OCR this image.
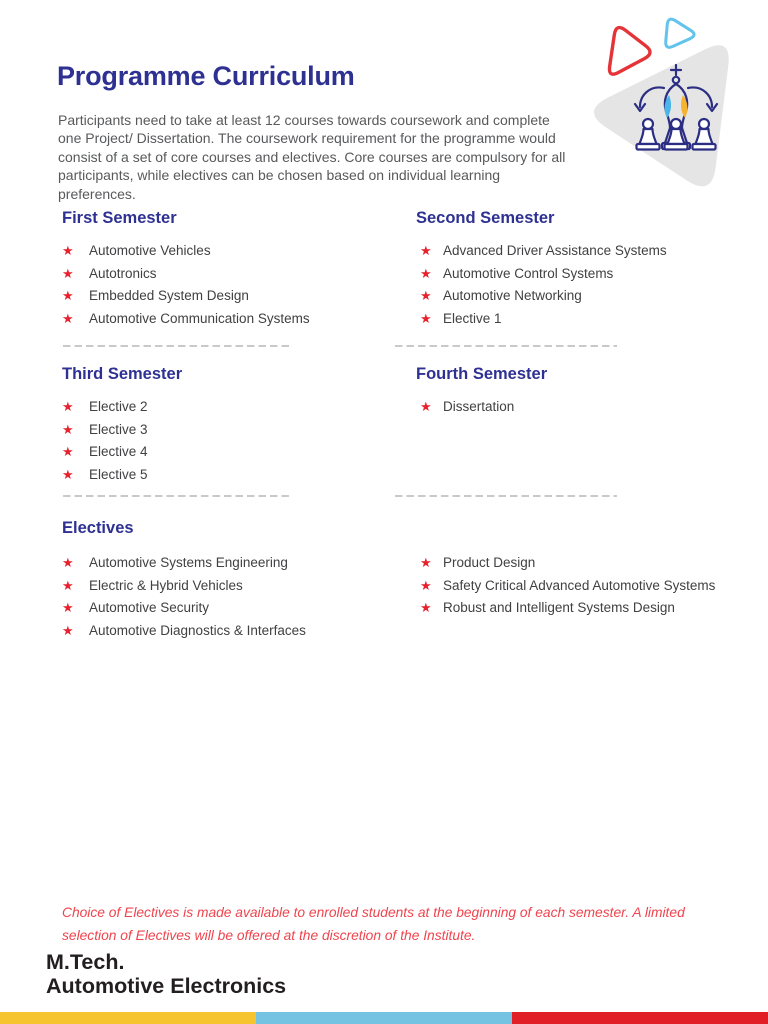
Programme Curriculum

Participants need to take at least 12 courses towards coursework and complete one Project/ Dissertation. The coursework requirement for the programme would consist of a set of core courses and electives. Core courses are compulsory for all participants, while electives can be chosen based on individual learning preferences.

First Semester
★ Automotive Vehicles
★ Autotronics
★ Embedded System Design
★ Automotive Communication Systems
Second Semester
★ Advanced Driver Assistance Systems
★ Automotive Control Systems
★ Automotive Networking
★ Elective 1
Third Semester
★ Elective 2
★ Elective 3
★ Elective 4
★ Elective 5
Fourth Semester
★ Dissertation
Electives
★ Automotive Systems Engineering
★ Electric & Hybrid Vehicles
★ Automotive Security
★ Automotive Diagnostics & Interfaces
★ Product Design
★ Safety Critical Advanced Automotive Systems
★ Robust and Intelligent Systems Design

Choice of Electives is made available to enrolled students at the beginning of each semester. A limited selection of Electives will be offered at the discretion of the Institute.

M.Tech.
Automotive Electronics
